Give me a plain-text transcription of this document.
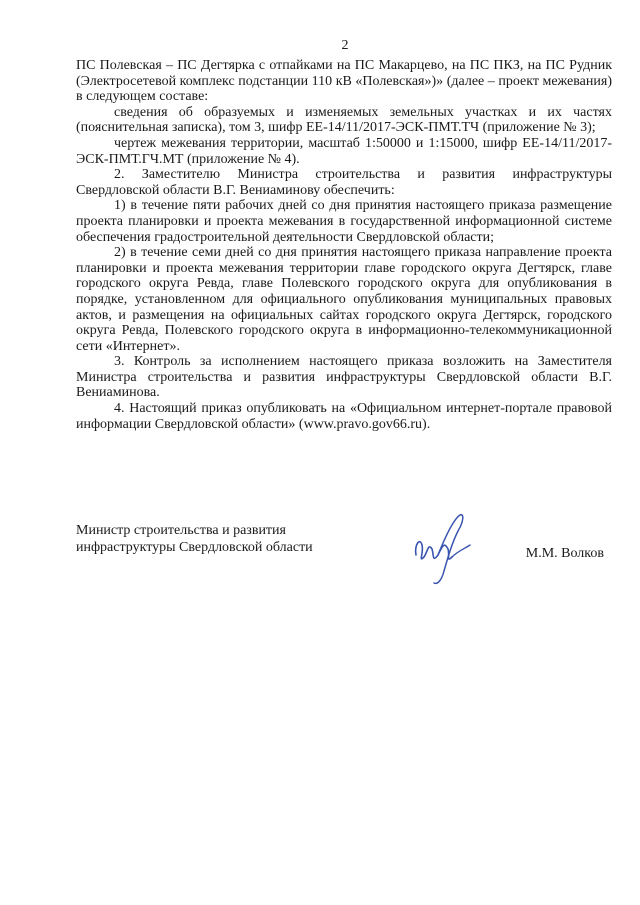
2

ПС Полевская – ПС Дегтярка с отпайками на ПС Макарцево, на ПС ПКЗ, на ПС Рудник (Электросетевой комплекс подстанции 110 кВ «Полевская»)» (далее – проект межевания) в следующем составе:

сведения об образуемых и изменяемых земельных участках и их частях (пояснительная записка), том 3, шифр ЕЕ-14/11/2017-ЭСК-ПМТ.ТЧ (приложение № 3);

чертеж межевания территории, масштаб 1:50000 и 1:15000, шифр ЕЕ-14/11/2017-ЭСК-ПМТ.ГЧ.МТ (приложение № 4).

2. Заместителю Министра строительства и развития инфраструктуры Свердловской области В.Г. Вениаминову обеспечить:

1) в течение пяти рабочих дней со дня принятия настоящего приказа размещение проекта планировки и проекта межевания в государственной информационной системе обеспечения градостроительной деятельности Свердловской области;

2) в течение семи дней со дня принятия настоящего приказа направление проекта планировки и проекта межевания территории главе городского округа Дегтярск, главе городского округа Ревда, главе Полевского городского округа для опубликования в порядке, установленном для официального опубликования муниципальных правовых актов, и размещения на официальных сайтах городского округа Дегтярск, городского округа Ревда, Полевского городского округа в информационно-телекоммуникационной сети «Интернет».

3. Контроль за исполнением настоящего приказа возложить на Заместителя Министра строительства и развития инфраструктуры Свердловской области В.Г. Вениаминова.

4. Настоящий приказ опубликовать на «Официальном интернет-портале правовой информации Свердловской области» (www.pravo.gov66.ru).

Министр строительства и развития
инфраструктуры Свердловской области	М.М. Волков
